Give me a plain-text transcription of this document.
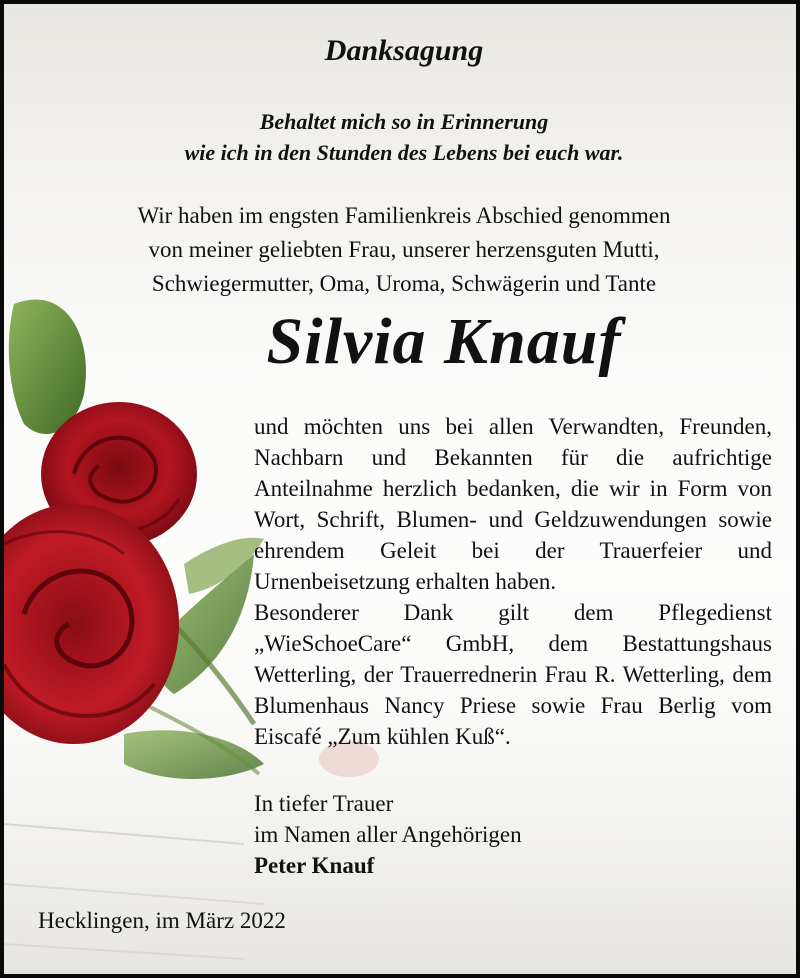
Danksagung
Behaltet mich so in Erinnerung
wie ich in den Stunden des Lebens bei euch war.
Wir haben im engsten Familienkreis Abschied genommen
von meiner geliebten Frau, unserer herzensguten Mutti,
Schwiegermutter, Oma, Uroma, Schwägerin und Tante
Silvia Knauf

und möchten uns bei allen Verwandten, Freunden, Nachbarn und Bekannten für die aufrichtige Anteilnahme herzlich bedanken, die wir in Form von Wort, Schrift, Blumen- und Geldzuwendungen sowie ehrendem Geleit bei der Trauerfeier und Urnenbeisetzung erhalten haben.

Besonderer Dank gilt dem Pflegedienst „WieSchoeCare“ GmbH, dem Bestattungshaus Wetterling, der Trauerrednerin Frau R. Wetterling, dem Blumenhaus Nancy Priese sowie Frau Berlig vom Eiscafé „Zum kühlen Kuß“.

In tiefer Trauer
im Namen aller Angehörigen
Peter Knauf
Hecklingen, im März 2022
